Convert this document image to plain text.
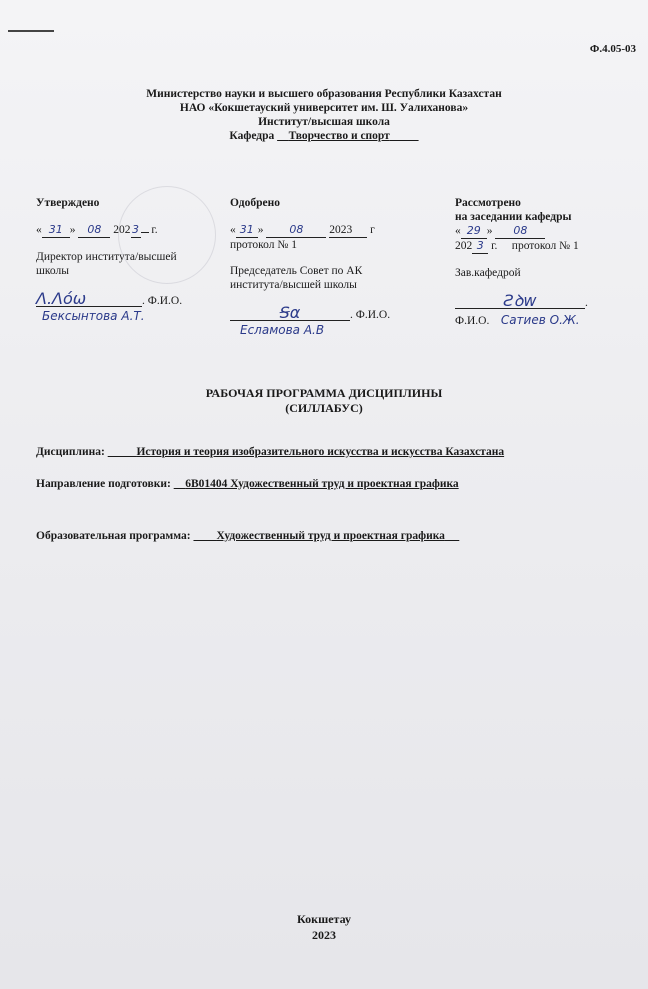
Ф.4.05-03
Министерство науки и высшего образования Республики Казахстан
НАО «Кокшетауский университет им. Ш. Уалиханова»
Институт/высшая школа
Кафедра Творчество и спорт
Утверждено
« 31 » 08 202 3 г.
Директор института/высшей
школы
Λ.Λόω	. Ф.И.О.
Бексынтова А.Т.
Одобрено
« 31 » 08 2023 г
протокол № 1
Председатель Совет по АК
института/высшей школы
Ꞩα	. Ф.И.О.
Есламова А.В
Рассмотрено
на заседании кафедры
« 29 » 08
202 3 г. протокол № 1
Зав.кафедрой
Ƨꝺw	.
Ф.И.О. Сатиев О.Ж.
РАБОЧАЯ ПРОГРАММА ДИСЦИПЛИНЫ
(СИЛЛАБУС)
Дисциплина:	История и теория изобразительного искусства и искусства Казахстана
Направление подготовки: 6В01404 Художественный труд и проектная графика
Образовательная программа: Художественный труд и проектная графика
Кокшетау
2023
